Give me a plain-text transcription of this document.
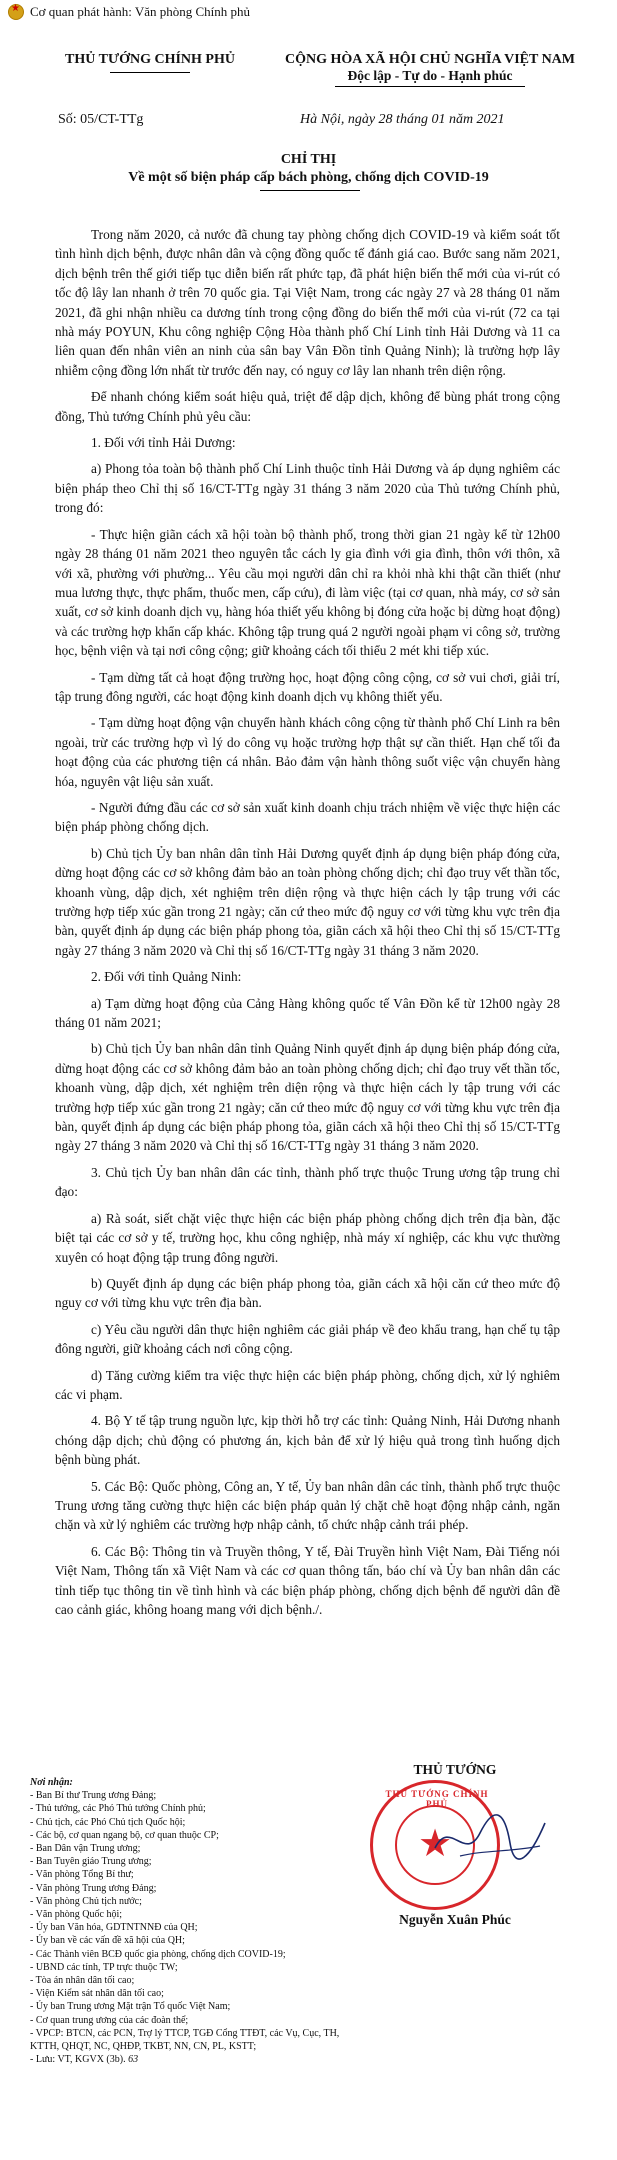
★
Cơ quan phát hành: Văn phòng Chính phủ
THỦ TƯỚNG CHÍNH PHỦ	CỘNG HÒA XÃ HỘI CHỦ NGHĨA VIỆT NAM
Độc lập - Tự do - Hạnh phúc
Số: 05/CT-TTg	Hà Nội, ngày 28 tháng 01 năm 2021
CHỈ THỊ
Về một số biện pháp cấp bách phòng, chống dịch COVID-19

Trong năm 2020, cả nước đã chung tay phòng chống dịch COVID-19 và kiểm soát tốt tình hình dịch bệnh, được nhân dân và cộng đồng quốc tế đánh giá cao. Bước sang năm 2021, dịch bệnh trên thế giới tiếp tục diễn biến rất phức tạp, đã phát hiện biến thể mới của vi-rút có tốc độ lây lan nhanh ở trên 70 quốc gia. Tại Việt Nam, trong các ngày 27 và 28 tháng 01 năm 2021, đã ghi nhận nhiều ca dương tính trong cộng đồng do biến thể mới của vi-rút (72 ca tại nhà máy POYUN, Khu công nghiệp Cộng Hòa thành phố Chí Linh tỉnh Hải Dương và 11 ca liên quan đến nhân viên an ninh của sân bay Vân Đồn tỉnh Quảng Ninh); là trường hợp lây nhiễm cộng đồng lớn nhất từ trước đến nay, có nguy cơ lây lan nhanh trên diện rộng.

Để nhanh chóng kiểm soát hiệu quả, triệt để dập dịch, không để bùng phát trong cộng đồng, Thủ tướng Chính phủ yêu cầu:

1. Đối với tỉnh Hải Dương:

a) Phong tỏa toàn bộ thành phố Chí Linh thuộc tỉnh Hải Dương và áp dụng nghiêm các biện pháp theo Chỉ thị số 16/CT-TTg ngày 31 tháng 3 năm 2020 của Thủ tướng Chính phủ, trong đó:

- Thực hiện giãn cách xã hội toàn bộ thành phố, trong thời gian 21 ngày kể từ 12h00 ngày 28 tháng 01 năm 2021 theo nguyên tắc cách ly gia đình với gia đình, thôn với thôn, xã với xã, phường với phường... Yêu cầu mọi người dân chỉ ra khỏi nhà khi thật cần thiết (như mua lương thực, thực phẩm, thuốc men, cấp cứu), đi làm việc (tại cơ quan, nhà máy, cơ sở sản xuất, cơ sở kinh doanh dịch vụ, hàng hóa thiết yếu không bị đóng cửa hoặc bị dừng hoạt động) và các trường hợp khẩn cấp khác. Không tập trung quá 2 người ngoài phạm vi công sở, trường học, bệnh viện và tại nơi công cộng; giữ khoảng cách tối thiểu 2 mét khi tiếp xúc.

- Tạm dừng tất cả hoạt động trường học, hoạt động công cộng, cơ sở vui chơi, giải trí, tập trung đông người, các hoạt động kinh doanh dịch vụ không thiết yếu.

- Tạm dừng hoạt động vận chuyển hành khách công cộng từ thành phố Chí Linh ra bên ngoài, trừ các trường hợp vì lý do công vụ hoặc trường hợp thật sự cần thiết. Hạn chế tối đa hoạt động của các phương tiện cá nhân. Bảo đảm vận hành thông suốt việc vận chuyển hàng hóa, nguyên vật liệu sản xuất.

- Người đứng đầu các cơ sở sản xuất kinh doanh chịu trách nhiệm về việc thực hiện các biện pháp phòng chống dịch.

b) Chủ tịch Ủy ban nhân dân tỉnh Hải Dương quyết định áp dụng biện pháp đóng cửa, dừng hoạt động các cơ sở không đảm bảo an toàn phòng chống dịch; chỉ đạo truy vết thần tốc, khoanh vùng, dập dịch, xét nghiệm trên diện rộng và thực hiện cách ly tập trung với các trường hợp tiếp xúc gần trong 21 ngày; căn cứ theo mức độ nguy cơ với từng khu vực trên địa bàn, quyết định áp dụng các biện pháp phong tỏa, giãn cách xã hội theo Chỉ thị số 15/CT-TTg ngày 27 tháng 3 năm 2020 và Chỉ thị số 16/CT-TTg ngày 31 tháng 3 năm 2020.

2. Đối với tỉnh Quảng Ninh:

a) Tạm dừng hoạt động của Cảng Hàng không quốc tế Vân Đồn kể từ 12h00 ngày 28 tháng 01 năm 2021;

b) Chủ tịch Ủy ban nhân dân tỉnh Quảng Ninh quyết định áp dụng biện pháp đóng cửa, dừng hoạt động các cơ sở không đảm bảo an toàn phòng chống dịch; chỉ đạo truy vết thần tốc, khoanh vùng, dập dịch, xét nghiệm trên diện rộng và thực hiện cách ly tập trung với các trường hợp tiếp xúc gần trong 21 ngày; căn cứ theo mức độ nguy cơ với từng khu vực trên địa bàn, quyết định áp dụng các biện pháp phong tỏa, giãn cách xã hội theo Chỉ thị số 15/CT-TTg ngày 27 tháng 3 năm 2020 và Chỉ thị số 16/CT-TTg ngày 31 tháng 3 năm 2020.

3. Chủ tịch Ủy ban nhân dân các tỉnh, thành phố trực thuộc Trung ương tập trung chỉ đạo:

a) Rà soát, siết chặt việc thực hiện các biện pháp phòng chống dịch trên địa bàn, đặc biệt tại các cơ sở y tế, trường học, khu công nghiệp, nhà máy xí nghiệp, các khu vực thường xuyên có hoạt động tập trung đông người.

b) Quyết định áp dụng các biện pháp phong tỏa, giãn cách xã hội căn cứ theo mức độ nguy cơ với từng khu vực trên địa bàn.

c) Yêu cầu người dân thực hiện nghiêm các giải pháp về đeo khẩu trang, hạn chế tụ tập đông người, giữ khoảng cách nơi công cộng.

d) Tăng cường kiểm tra việc thực hiện các biện pháp phòng, chống dịch, xử lý nghiêm các vi phạm.

4. Bộ Y tế tập trung nguồn lực, kịp thời hỗ trợ các tỉnh: Quảng Ninh, Hải Dương nhanh chóng dập dịch; chủ động có phương án, kịch bản để xử lý hiệu quả trong tình huống dịch bệnh bùng phát.

5. Các Bộ: Quốc phòng, Công an, Y tế, Ủy ban nhân dân các tỉnh, thành phố trực thuộc Trung ương tăng cường thực hiện các biện pháp quản lý chặt chẽ hoạt động nhập cảnh, ngăn chặn và xử lý nghiêm các trường hợp nhập cảnh, tổ chức nhập cảnh trái phép.

6. Các Bộ: Thông tin và Truyền thông, Y tế, Đài Truyền hình Việt Nam, Đài Tiếng nói Việt Nam, Thông tấn xã Việt Nam và các cơ quan thông tấn, báo chí và Ủy ban nhân dân các tỉnh tiếp tục thông tin về tình hình và các biện pháp phòng, chống dịch bệnh để người dân đề cao cảnh giác, không hoang mang với dịch bệnh./.

Nơi nhận:
- Ban Bí thư Trung ương Đảng;
- Thủ tướng, các Phó Thủ tướng Chính phủ;
- Chủ tịch, các Phó Chủ tịch Quốc hội;
- Các bộ, cơ quan ngang bộ, cơ quan thuộc CP;
- Ban Dân vận Trung ương;
- Ban Tuyên giáo Trung ương;
- Văn phòng Tổng Bí thư;
- Văn phòng Trung ương Đảng;
- Văn phòng Chủ tịch nước;
- Văn phòng Quốc hội;
- Ủy ban Văn hóa, GDTNTNNĐ của QH;
- Ủy ban về các vấn đề xã hội của QH;
- Các Thành viên BCĐ quốc gia phòng, chống dịch COVID-19;
- UBND các tỉnh, TP trực thuộc TW;
- Tòa án nhân dân tối cao;
- Viện Kiểm sát nhân dân tối cao;
- Ủy ban Trung ương Mặt trận Tổ quốc Việt Nam;
- Cơ quan trung ương của các đoàn thể;
- VPCP: BTCN, các PCN, Trợ lý TTCP, TGĐ Cổng TTĐT, các Vụ, Cục, TH, KTTH, QHQT, NC, QHĐP, TKBT, NN, CN, PL, KSTT;
- Lưu: VT, KGVX (3b). 63
THỦ TƯỚNG
THỦ TƯỚNG CHÍNH PHỦ
★
Nguyễn Xuân Phúc
